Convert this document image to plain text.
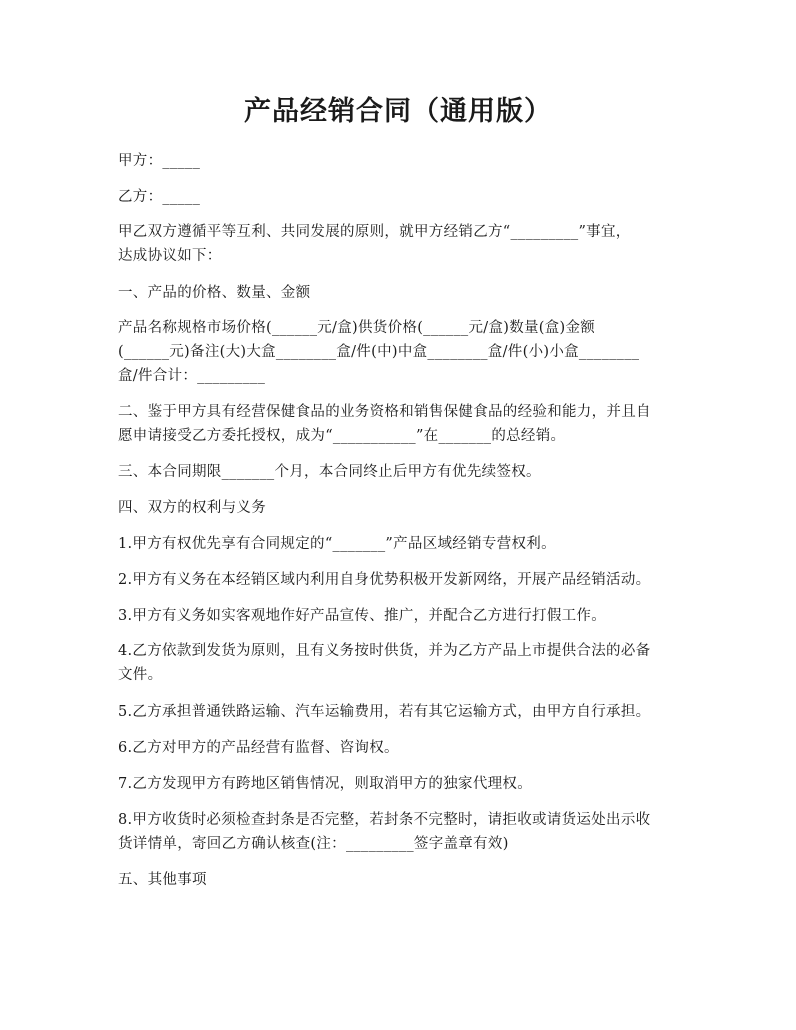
产品经销合同（通用版）
甲方：_____
乙方：_____
甲乙双方遵循平等互利、共同发展的原则，就甲方经销乙方“_________”事宜，
达成协议如下：
一、产品的价格、数量、金额
产品名称规格市场价格(______元/盒)供货价格(______元/盒)数量(盒)金额
(______元)备注(大)大盒________盒/件(中)中盒________盒/件(小)小盒________
盒/件合计：_________
二、鉴于甲方具有经营保健食品的业务资格和销售保健食品的经验和能力，并且自
愿申请接受乙方委托授权，成为“___________”在_______的总经销。
三、本合同期限_______个月，本合同终止后甲方有优先续签权。
四、双方的权利与义务
1.甲方有权优先享有合同规定的“_______”产品区域经销专营权利。
2.甲方有义务在本经销区域内利用自身优势积极开发新网络，开展产品经销活动。
3.甲方有义务如实客观地作好产品宣传、推广，并配合乙方进行打假工作。
4.乙方依款到发货为原则，且有义务按时供货，并为乙方产品上市提供合法的必备
文件。
5.乙方承担普通铁路运输、汽车运输费用，若有其它运输方式，由甲方自行承担。
6.乙方对甲方的产品经营有监督、咨询权。
7.乙方发现甲方有跨地区销售情况，则取消甲方的独家代理权。
8.甲方收货时必须检查封条是否完整，若封条不完整时，请拒收或请货运处出示收
货详情单，寄回乙方确认核查(注：_________签字盖章有效)
五、其他事项
